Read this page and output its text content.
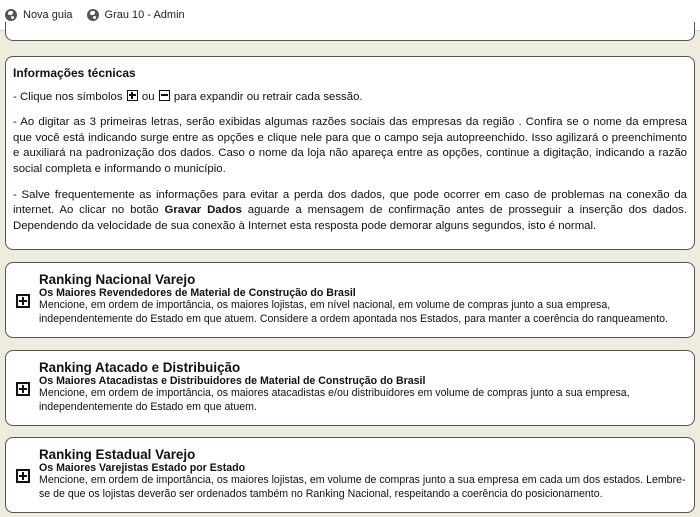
Nova guia	Grau 10 - Admin
Informações técnicas

- Clique nos símbolos ou para expandir ou retrair cada sessão.

- Ao digitar as 3 primeiras letras, serão exibidas algumas razões sociais das empresas da região . Confira se o nome da empresa que você está indicando surge entre as opções e clique nele para que o campo seja autopreenchido. Isso agilizará o preenchimento e auxiliará na padronização dos dados. Caso o nome da loja não apareça entre as opções, continue a digitação, indicando a razão social completa e informando o município.

- Salve frequentemente as informações para evitar a perda dos dados, que pode ocorrer em caso de problemas na conexão da internet. Ao clicar no botão Gravar Dados aguarde a mensagem de confirmação antes de prosseguir a inserção dos dados. Dependendo da velocidade de sua conexão à Internet esta resposta pode demorar alguns segundos, isto é normal.

Ranking Nacional Varejo
Os Maiores Revendedores de Material de Construção do Brasil
Mencione, em ordem de importância, os maiores lojistas, em nível nacional, em volume de compras junto a sua empresa, independentemente do Estado em que atuem. Considere a ordem apontada nos Estados, para manter a coerência do ranqueamento.
Ranking Atacado e Distribuição
Os Maiores Atacadistas e Distribuidores de Material de Construção do Brasil
Mencione, em ordem de importância, os maiores atacadistas e/ou distribuidores em volume de compras junto a sua empresa, independentemente do Estado em que atuem.
Ranking Estadual Varejo
Os Maiores Varejistas Estado por Estado
Mencione, em ordem de importância, os maiores lojistas, em volume de compras junto a sua empresa em cada um dos estados. Lembre-se de que os lojistas deverão ser ordenados também no Ranking Nacional, respeitando a coerência do posicionamento.
